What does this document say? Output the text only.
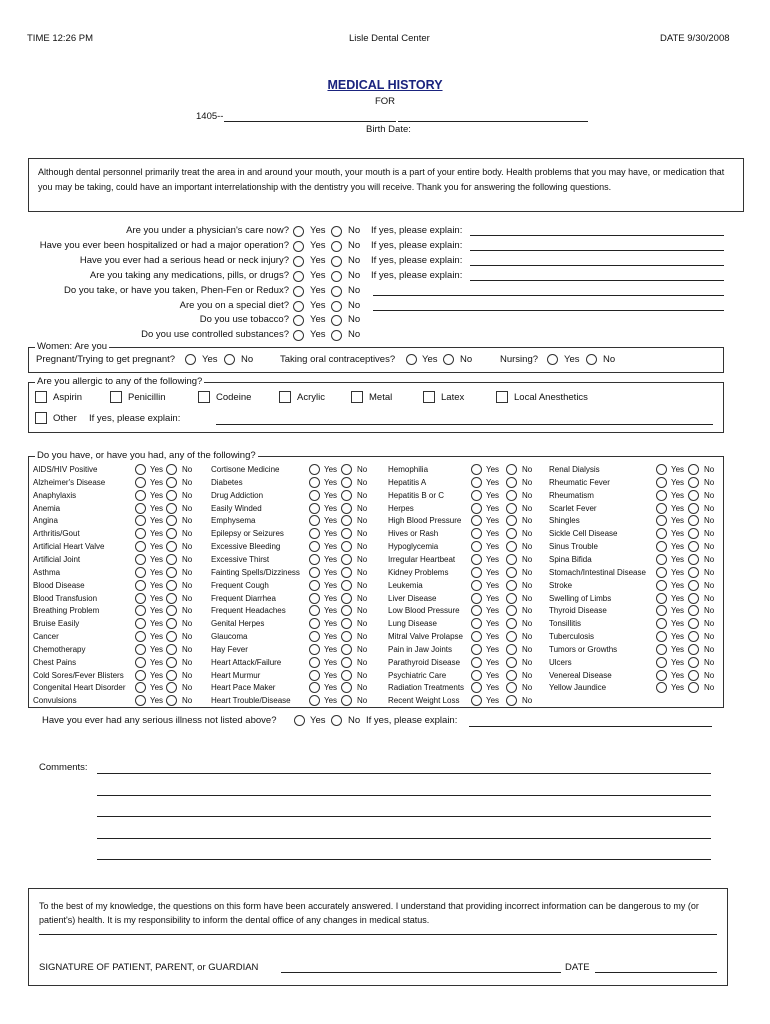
TIME 12:26 PM	Lisle Dental Center	DATE 9/30/2008
MEDICAL HISTORY
FOR
1405--
Birth Date:
Although dental personnel primarily treat the area in and around your mouth, your mouth is a part of your entire body. Health problems that you may have, or medication that you may be taking, could have an important interrelationship with the dentistry you will receive. Thank you for answering the following questions.
Are you under a physician's care now? Yes No If yes, please explain:
Have you ever been hospitalized or had a major operation? Yes No If yes, please explain:
Have you ever had a serious head or neck injury? Yes No If yes, please explain:
Are you taking any medications, pills, or drugs? Yes No If yes, please explain:
Do you take, or have you taken, Phen-Fen or Redux? Yes No
Are you on a special diet? Yes No
Do you use tobacco? Yes No
Do you use controlled substances? Yes No
Women: Are you
Pregnant/Trying to get pregnant?	Yes No	Taking oral contraceptives?	Yes No	Nursing?	Yes No
Are you allergic to any of the following?
Aspirin	Penicillin	Codeine	Acrylic	Metal	Latex	Local Anesthetics
Other If yes, please explain:
Do you have, or have you had, any of the following?
AIDS/HIV Positive	Yes No
Alzheimer's Disease	Yes No
Anaphylaxis	Yes No
Anemia	Yes No
Angina	Yes No
Arthritis/Gout	Yes No
Artificial Heart Valve	Yes No
Artificial Joint	Yes No
Asthma	Yes No
Blood Disease	Yes No
Blood Transfusion	Yes No
Breathing Problem	Yes No
Bruise Easily	Yes No
Cancer	Yes No
Chemotherapy	Yes No
Chest Pains	Yes No
Cold Sores/Fever Blisters	Yes No
Congenital Heart Disorder	Yes No
Convulsions	Yes No
Cortisone Medicine	Yes No
Diabetes	Yes No
Drug Addiction	Yes No
Easily Winded	Yes No
Emphysema	Yes No
Epilepsy or Seizures	Yes No
Excessive Bleeding	Yes No
Excessive Thirst	Yes No
Fainting Spells/Dizziness	Yes No
Frequent Cough	Yes No
Frequent Diarrhea	Yes No
Frequent Headaches	Yes No
Genital Herpes	Yes No
Glaucoma	Yes No
Hay Fever	Yes No
Heart Attack/Failure	Yes No
Heart Murmur	Yes No
Heart Pace Maker	Yes No
Heart Trouble/Disease	Yes No
Hemophilia	Yes	No
Hepatitis A	Yes	No
Hepatitis B or C	Yes	No
Herpes	Yes	No
High Blood Pressure	Yes	No
Hives or Rash	Yes	No
Hypoglycemia	Yes	No
Irregular Heartbeat	Yes	No
Kidney Problems	Yes	No
Leukemia	Yes	No
Liver Disease	Yes	No
Low Blood Pressure	Yes	No
Lung Disease	Yes	No
Mitral Valve Prolapse	Yes	No
Pain in Jaw Joints	Yes	No
Parathyroid Disease	Yes	No
Psychiatric Care	Yes	No
Radiation Treatments	Yes	No
Recent Weight Loss	Yes	No
Renal Dialysis	Yes No
Rheumatic Fever	Yes No
Rheumatism	Yes No
Scarlet Fever	Yes No
Shingles	Yes No
Sickle Cell Disease	Yes No
Sinus Trouble	Yes No
Spina Bifida	Yes No
Stomach/Intestinal Disease	Yes No
Stroke	Yes No
Swelling of Limbs	Yes No
Thyroid Disease	Yes No
Tonsillitis	Yes No
Tuberculosis	Yes No
Tumors or Growths	Yes No
Ulcers	Yes No
Venereal Disease	Yes No
Yellow Jaundice	Yes No
Have you ever had any serious illness not listed above?	Yes No If yes, please explain:
Comments:
To the best of my knowledge, the questions on this form have been accurately answered. I understand that providing incorrect information can be dangerous to my (or patient's) health. It is my responsibility to inform the dental office of any changes in medical status.
SIGNATURE OF PATIENT, PARENT, or GUARDIAN	DATE
